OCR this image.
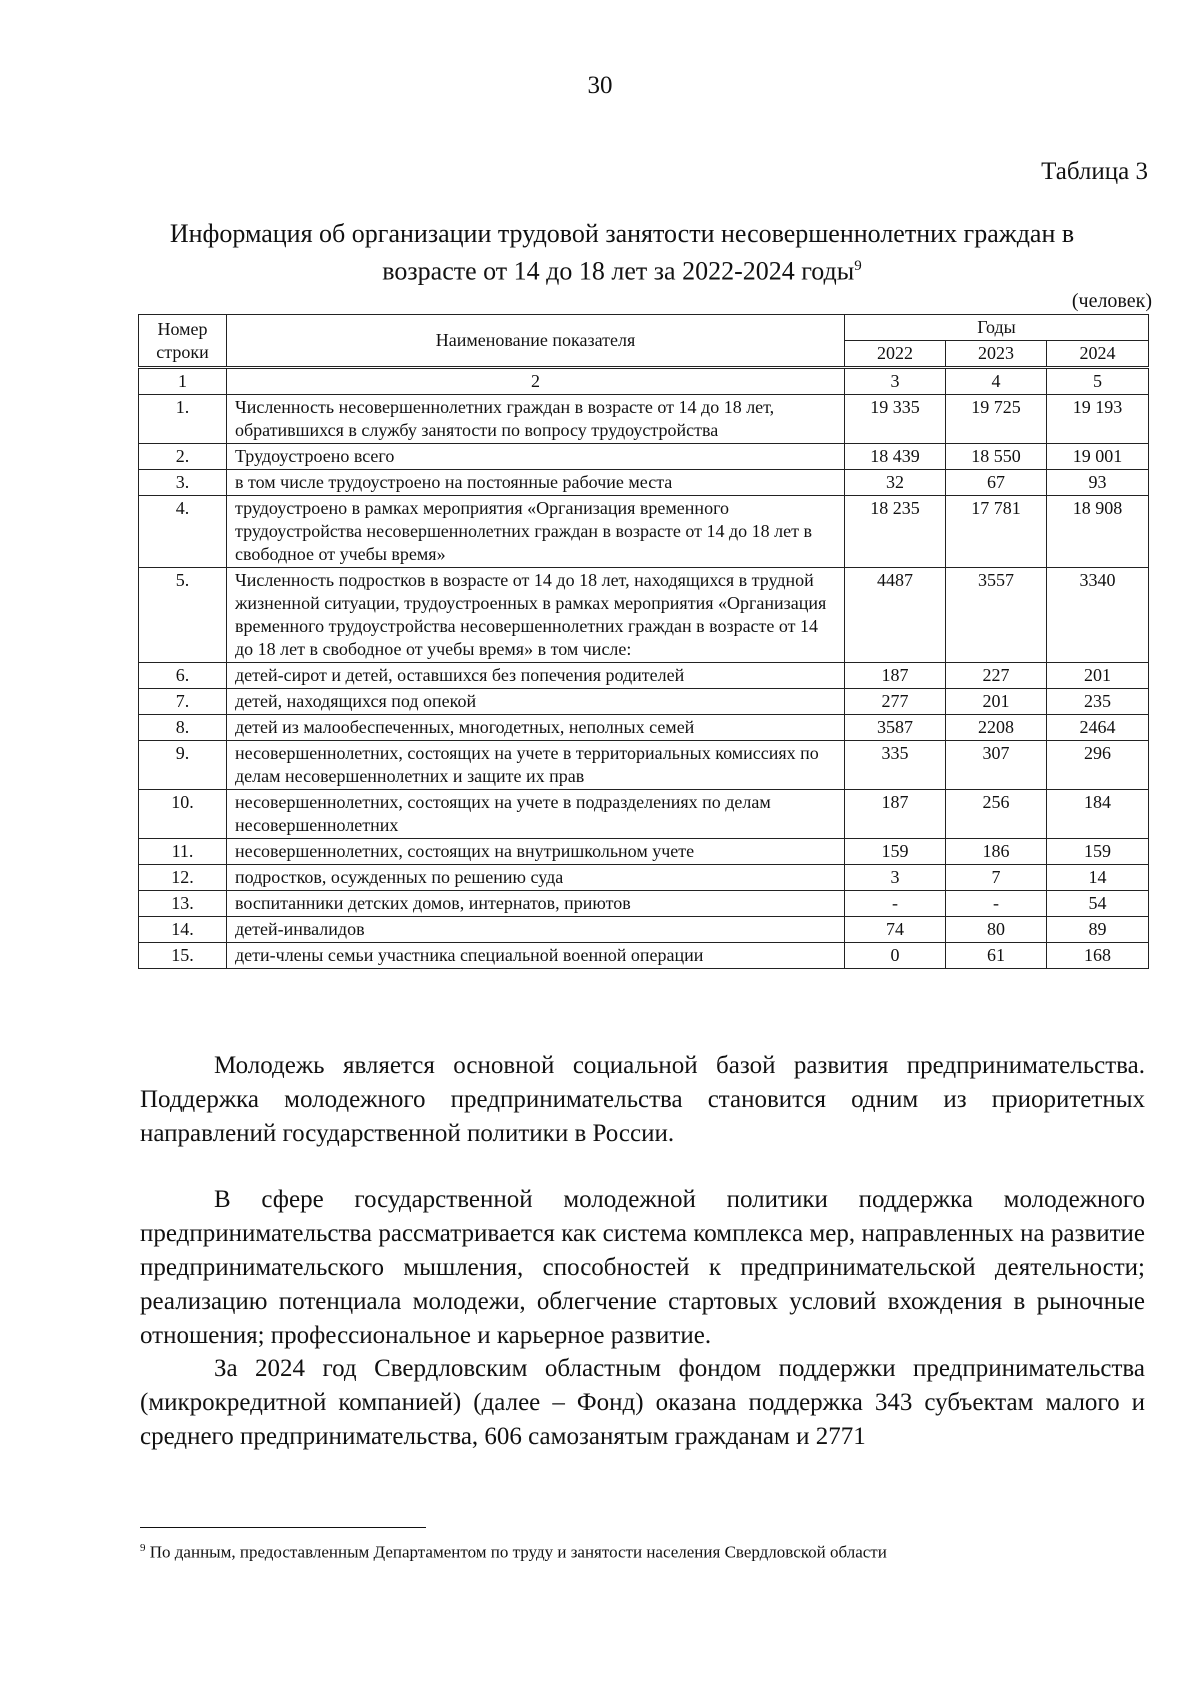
30
Таблица 3
Информация об организации трудовой занятости несовершеннолетних граждан в возрасте от 14 до 18 лет за 2022-2024 годы$^9$
(человек)
Номер строки	Наименование показателя	Годы		
		2022	2023	2024
1	2	3	4	5
1.	Численность несовершеннолетних граждан в возрасте от 14 до 18 лет, обратившихся в службу занятости по вопросу трудоустройства	19 335	19 725	19 193
2.	Трудоустроено всего	18 439	18 550	19 001
3.	в том числе трудоустроено на постоянные рабочие места	32	67	93
4.	трудоустроено в рамках мероприятия «Организация временного трудоустройства несовершеннолетних граждан в возрасте от 14 до 18 лет в свободное от учебы время»	18 235	17 781	18 908
5.	Численность подростков в возрасте от 14 до 18 лет, находящихся в трудной жизненной ситуации, трудоустроенных в рамках мероприятия «Организация временного трудоустройства несовершеннолетних граждан в возрасте от 14 до 18 лет в свободное от учебы время» в том числе:	4487	3557	3340
6.	детей-сирот и детей, оставшихся без попечения родителей	187	227	201
7.	детей, находящихся под опекой	277	201	235
8.	детей из малообеспеченных, многодетных, неполных семей	3587	2208	2464
9.	несовершеннолетних, состоящих на учете в территориальных комиссиях по делам несовершеннолетних и защите их прав	335	307	296
10.	несовершеннолетних, состоящих на учете в подразделениях по делам несовершеннолетних	187	256	184
11.	несовершеннолетних, состоящих на внутришкольном учете	159	186	159
12.	подростков, осужденных по решению суда	3	7	14
13.	воспитанники детских домов, интернатов, приютов	-	-	54
14.	детей-инвалидов	74	80	89
15.	дети-члены семьи участника специальной военной операции	0	61	168
Молодежь является основной социальной базой развития предпринимательства. Поддержка молодежного предпринимательства становится одним из приоритетных направлений государственной политики в России.
В сфере государственной молодежной политики поддержка молодежного предпринимательства рассматривается как система комплекса мер, направленных на развитие предпринимательского мышления, способностей к предпринимательской деятельности; реализацию потенциала молодежи, облегчение стартовых условий вхождения в рыночные отношения; профессиональное и карьерное развитие.
За 2024 год Свердловским областным фондом поддержки предпринимательства (микрокредитной компанией) (далее – Фонд) оказана поддержка 343 субъектам малого и среднего предпринимательства, 606 самозанятым гражданам и 2771
$^9$ По данным, предоставленным Департаментом по труду и занятости населения Свердловской области
